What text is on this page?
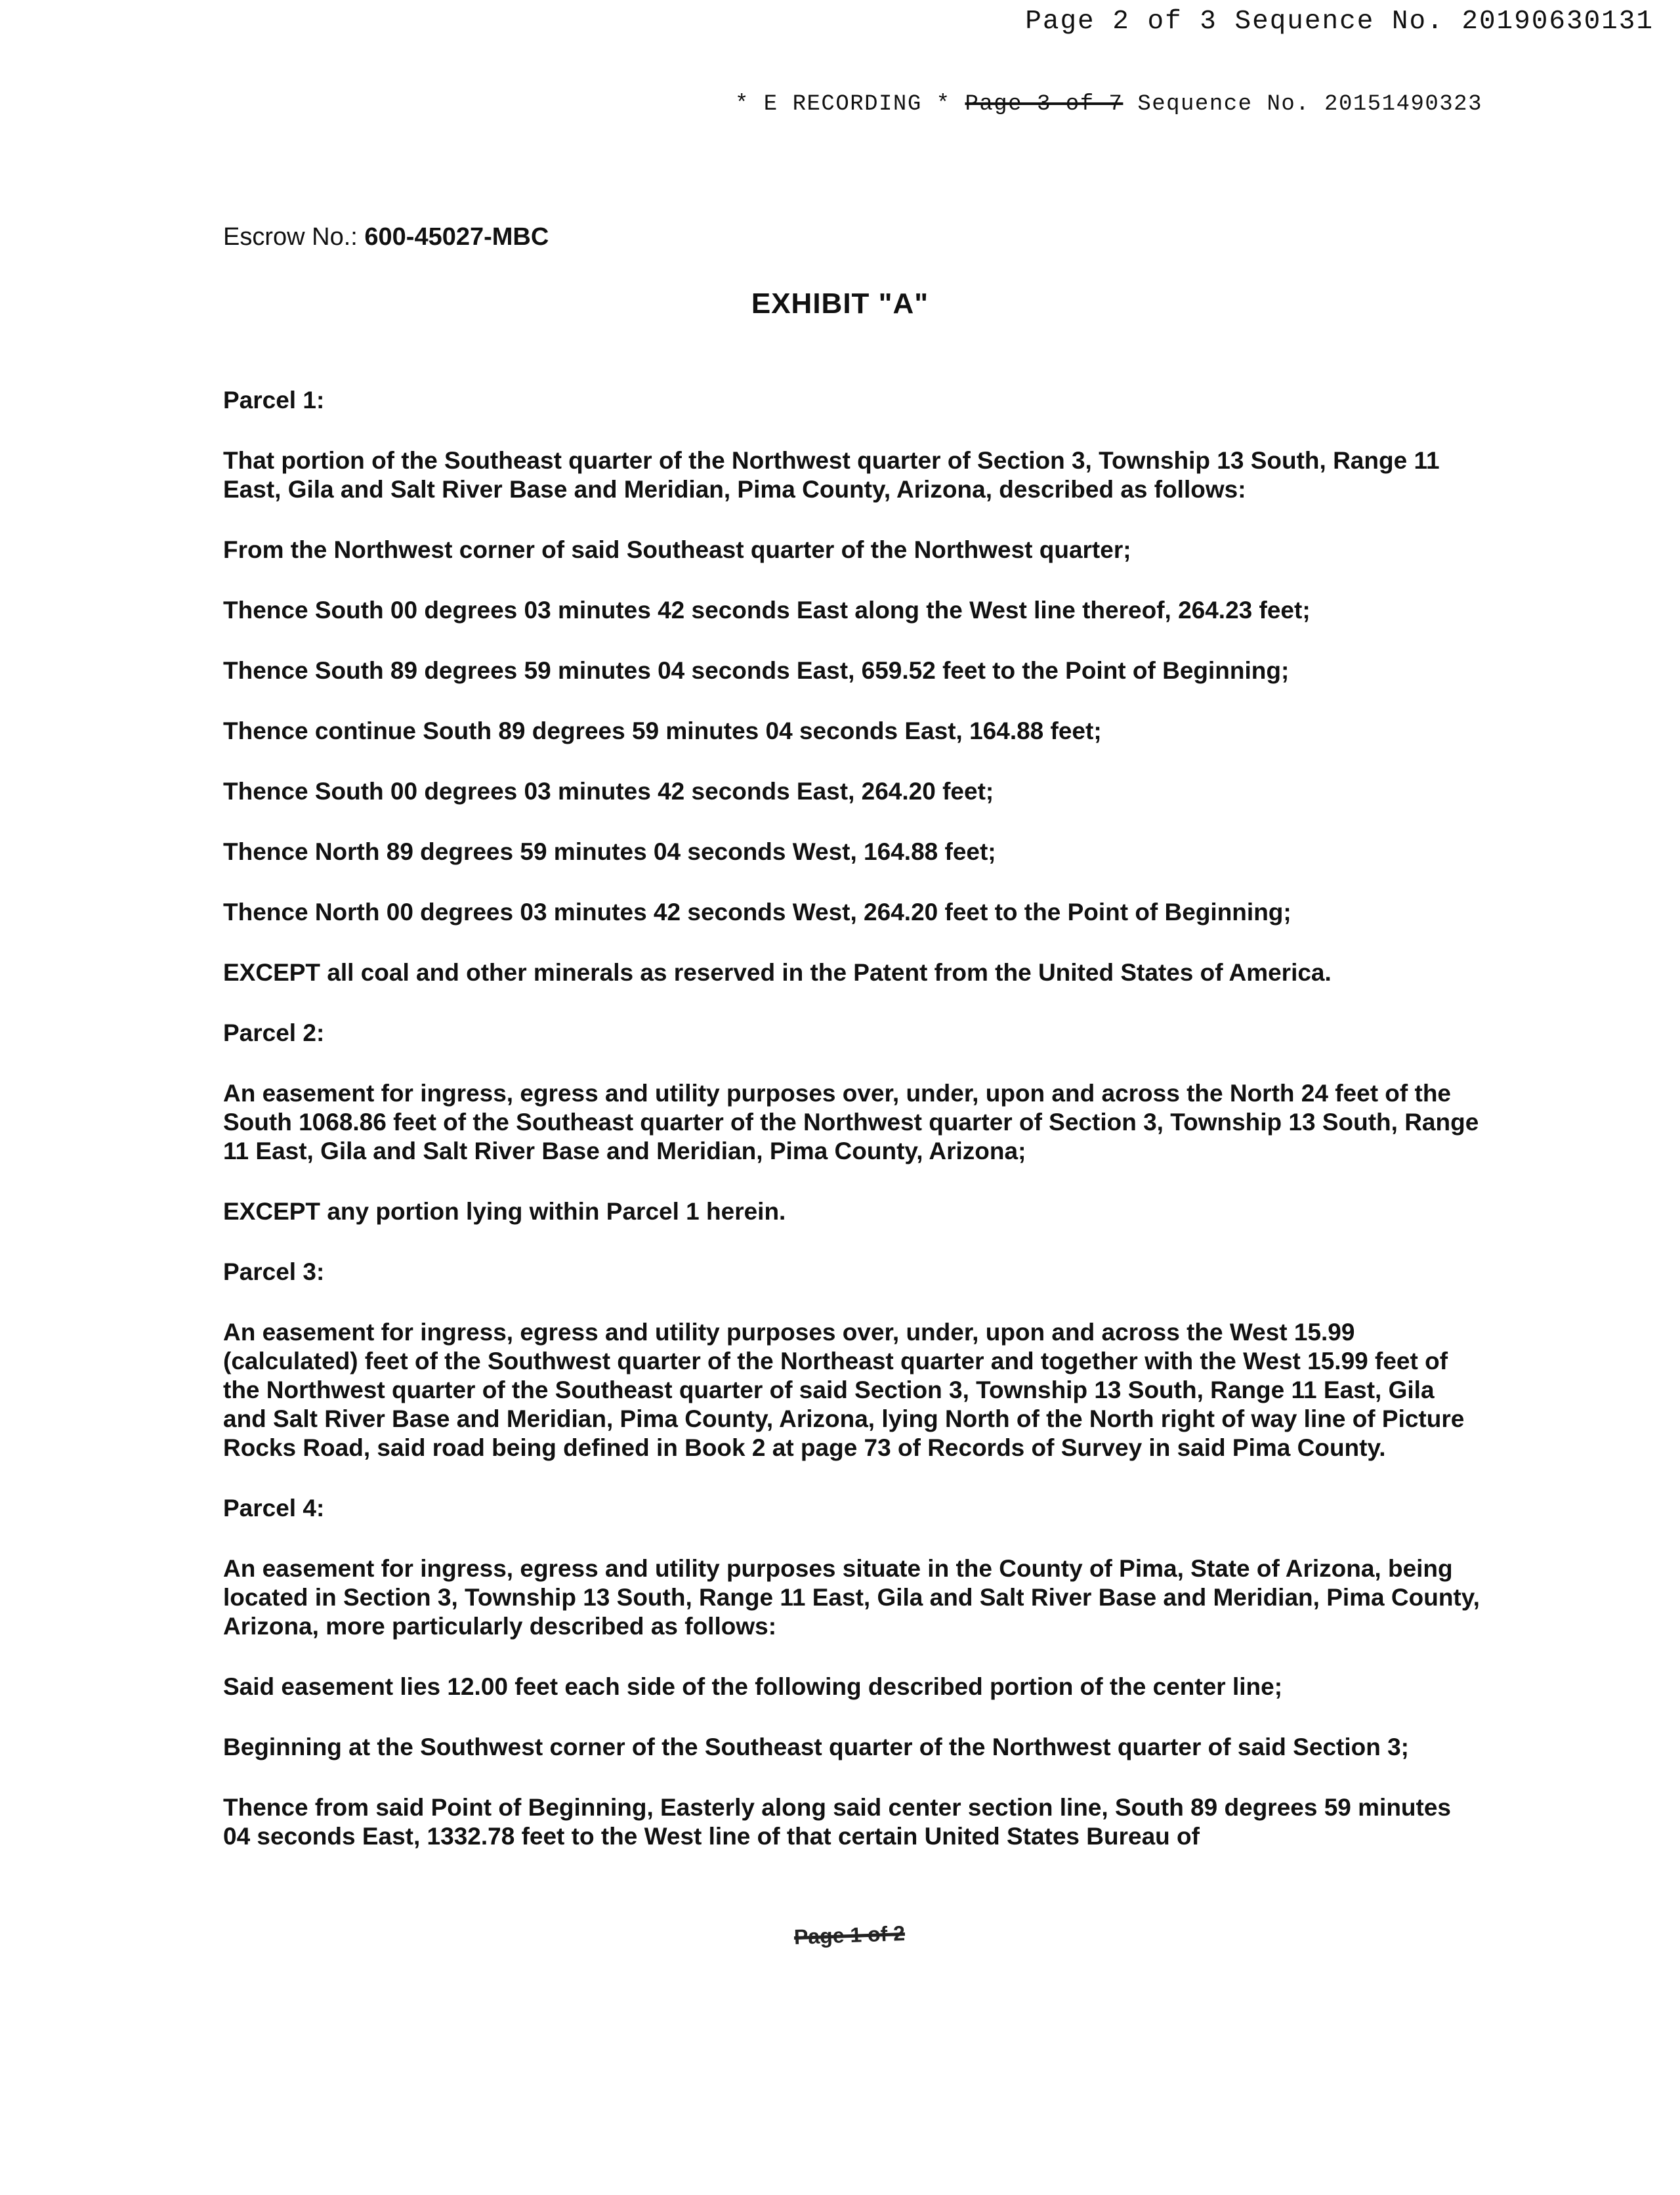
Page 2 of 3 Sequence No. 20190630131
* E RECORDING * Page 3 of 7 Sequence No. 20151490323
Escrow No.: 600-45027-MBC
EXHIBIT "A"

Parcel 1:

That portion of the Southeast quarter of the Northwest quarter of Section 3, Township 13 South, Range 11 East, Gila and Salt River Base and Meridian, Pima County, Arizona, described as follows:

From the Northwest corner of said Southeast quarter of the Northwest quarter;

Thence South 00 degrees 03 minutes 42 seconds East along the West line thereof, 264.23 feet;

Thence South 89 degrees 59 minutes 04 seconds East, 659.52 feet to the Point of Beginning;

Thence continue South 89 degrees 59 minutes 04 seconds East, 164.88 feet;

Thence South 00 degrees 03 minutes 42 seconds East, 264.20 feet;

Thence North 89 degrees 59 minutes 04 seconds West, 164.88 feet;

Thence North 00 degrees 03 minutes 42 seconds West, 264.20 feet to the Point of Beginning;

EXCEPT all coal and other minerals as reserved in the Patent from the United States of America.

Parcel 2:

An easement for ingress, egress and utility purposes over, under, upon and across the North 24 feet of the South 1068.86 feet of the Southeast quarter of the Northwest quarter of Section 3, Township 13 South, Range 11 East, Gila and Salt River Base and Meridian, Pima County, Arizona;

EXCEPT any portion lying within Parcel 1 herein.

Parcel 3:

An easement for ingress, egress and utility purposes over, under, upon and across the West 15.99 (calculated) feet of the Southwest quarter of the Northeast quarter and together with the West 15.99 feet of the Northwest quarter of the Southeast quarter of said Section 3, Township 13 South, Range 11 East, Gila and Salt River Base and Meridian, Pima County, Arizona, lying North of the North right of way line of Picture Rocks Road, said road being defined in Book 2 at page 73 of Records of Survey in said Pima County.

Parcel 4:

An easement for ingress, egress and utility purposes situate in the County of Pima, State of Arizona, being located in Section 3, Township 13 South, Range 11 East, Gila and Salt River Base and Meridian, Pima County, Arizona, more particularly described as follows:

Said easement lies 12.00 feet each side of the following described portion of the center line;

Beginning at the Southwest corner of the Southeast quarter of the Northwest quarter of said Section 3;

Thence from said Point of Beginning, Easterly along said center section line, South 89 degrees 59 minutes 04 seconds East, 1332.78 feet to the West line of that certain United States Bureau of

Page 1 of 2
